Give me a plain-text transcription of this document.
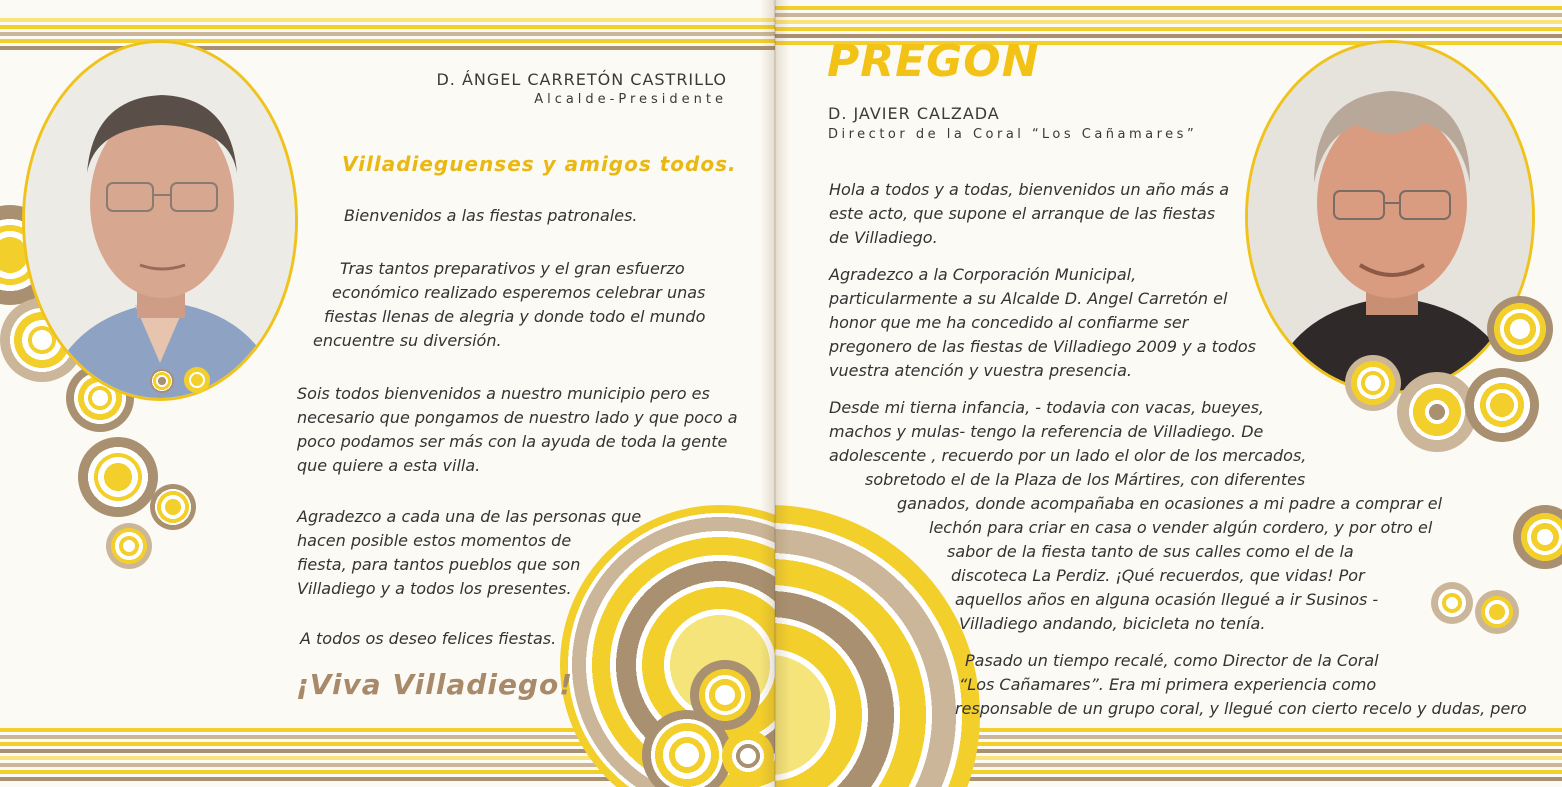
D. ÁNGEL CARRETÓN CASTRILLO
Alcalde-Presidente
Villadieguenses y amigos todos.
Bienvenidos a las fiestas patronales.
Tras tantos preparativos y el gran esfuerzo
económico realizado esperemos celebrar unas
fiestas llenas de alegria y donde todo el mundo
encuentre su diversión.
Sois todos bienvenidos a nuestro municipio pero es
necesario que pongamos de nuestro lado y que poco a
poco podamos ser más con la ayuda de toda la gente
que quiere a esta villa.
Agradezco a cada una de las personas que
hacen posible estos momentos de
fiesta, para tantos pueblos que son
Villadiego y a todos los presentes.
A todos os deseo felices fiestas.
¡Viva Villadiego!
PREGON
D. JAVIER CALZADA
Director de la Coral “Los Cañamares”
Hola a todos y a todas, bienvenidos un año más a
este acto, que supone el arranque de las fiestas
de Villadiego.
Agradezco a la Corporación Municipal,
particularmente a su Alcalde D. Angel Carretón el
honor que me ha concedido al confiarme ser
pregonero de las fiestas de Villadiego 2009 y a todos
vuestra atención y vuestra presencia.
Desde mi tierna infancia, - todavia con vacas, bueyes,
machos y mulas- tengo la referencia de Villadiego. De
adolescente , recuerdo por un lado el olor de los mercados,
sobretodo el de la Plaza de los Mártires, con diferentes
ganados, donde acompañaba en ocasiones a mi padre a comprar el
lechón para criar en casa o vender algún cordero, y por otro el
sabor de la fiesta tanto de sus calles como el de la
discoteca La Perdiz. ¡Qué recuerdos, que vidas! Por
aquellos años en alguna ocasión llegué a ir Susinos -
Villadiego andando, bicicleta no tenía.
Pasado un tiempo recalé, como Director de la Coral
“Los Cañamares”. Era mi primera experiencia como
responsable de un grupo coral, y llegué con cierto recelo y dudas, pero
